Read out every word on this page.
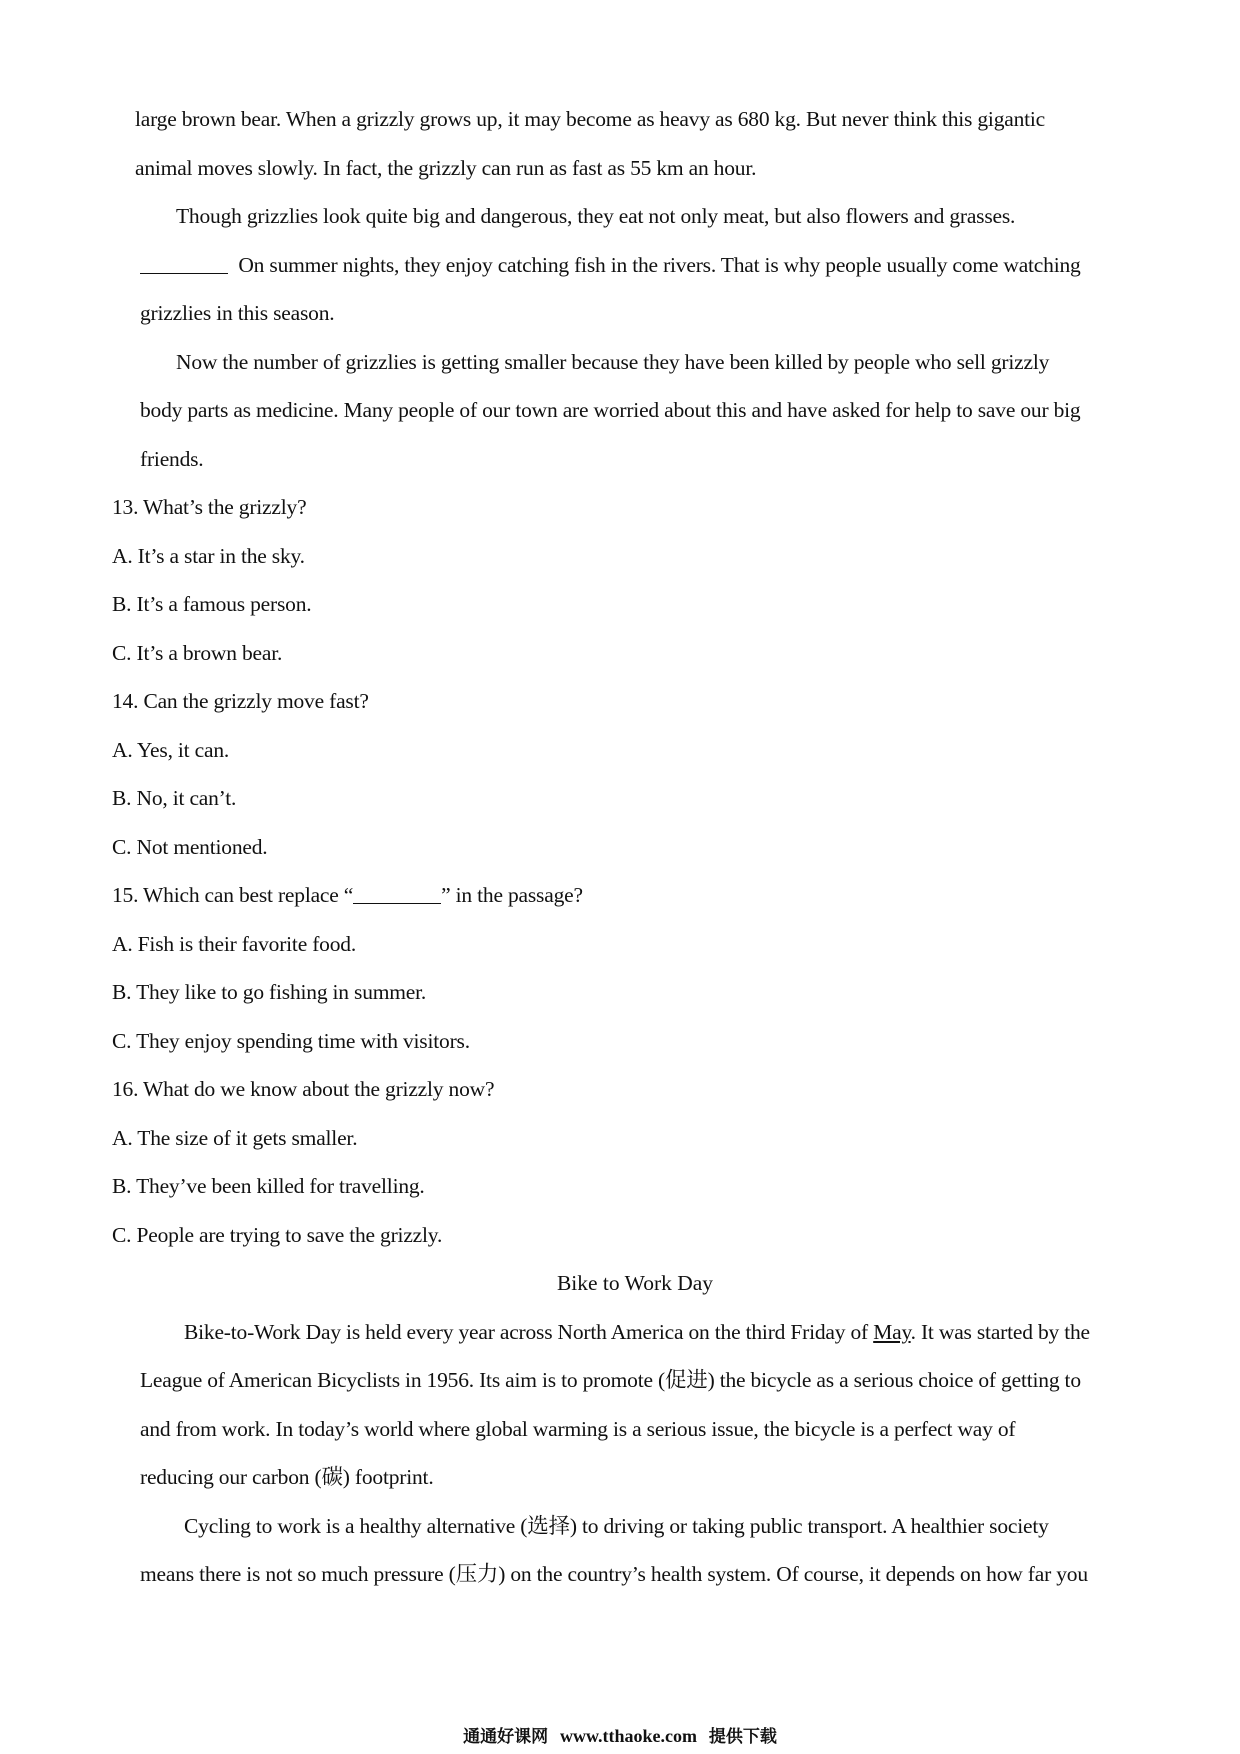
large brown bear. When a grizzly grows up, it may become as heavy as 680 kg. But never think this gigantic
animal moves slowly. In fact, the grizzly can run as fast as 55 km an hour.
Though grizzlies look quite big and dangerous, they eat not only meat, but also flowers and grasses.
On summer nights, they enjoy catching fish in the rivers. That is why people usually come watching
grizzlies in this season.
Now the number of grizzlies is getting smaller because they have been killed by people who sell grizzly
body parts as medicine. Many people of our town are worried about this and have asked for help to save our big
friends.
13. What’s the grizzly?
A. It’s a star in the sky.
B. It’s a famous person.
C. It’s a brown bear.
14. Can the grizzly move fast?
A. Yes, it can.
B. No, it can’t.
C. Not mentioned.
15. Which can best replace “	” in the passage?
A. Fish is their favorite food.
B. They like to go fishing in summer.
C. They enjoy spending time with visitors.
16. What do we know about the grizzly now?
A. The size of it gets smaller.
B. They’ve been killed for travelling.
C. People are trying to save the grizzly.
Bike to Work Day
Bike-to-Work Day is held every year across North America on the third Friday of May. It was started by the
League of American Bicyclists in 1956. Its aim is to promote (促进) the bicycle as a serious choice of getting to
and from work. In today’s world where global warming is a serious issue, the bicycle is a perfect way of
reducing our carbon (碳) footprint.
Cycling to work is a healthy alternative (选择) to driving or taking public transport. A healthier society
means there is not so much pressure (压力) on the country’s health system. Of course, it depends on how far you
通通好课网 www.tthaoke.com 提供下载
